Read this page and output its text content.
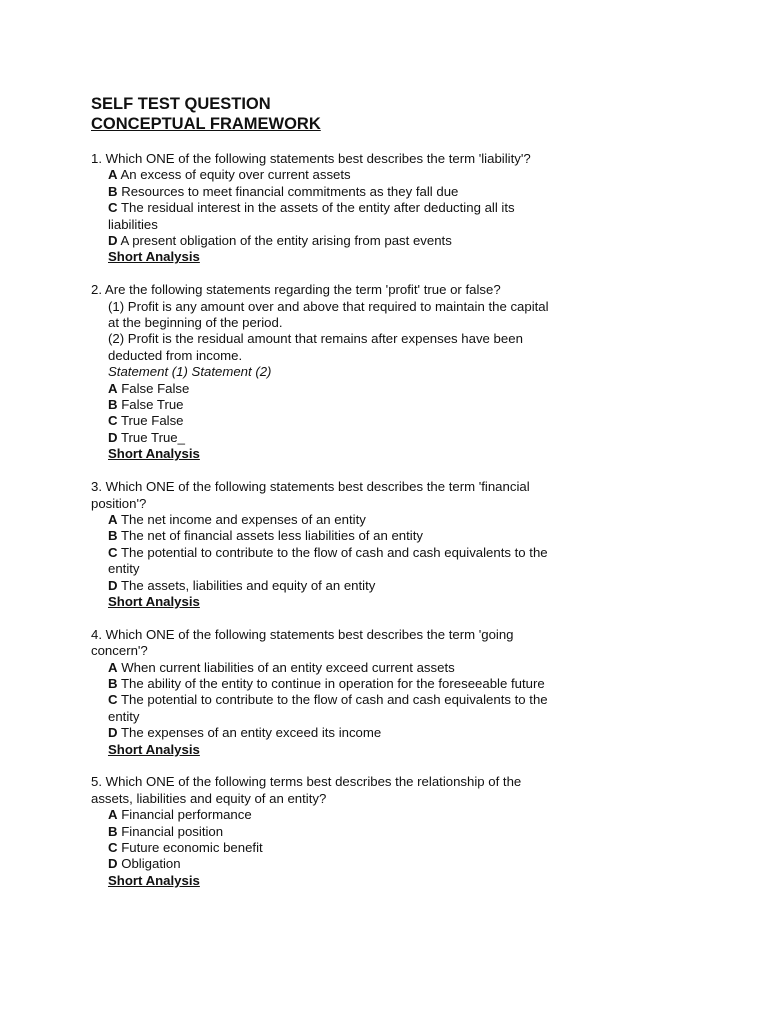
SELF TEST QUESTION
CONCEPTUAL FRAMEWORK
1. Which ONE of the following statements best describes the term 'liability'?
A An excess of equity over current assets
B Resources to meet financial commitments as they fall due
C The residual interest in the assets of the entity after deducting all its liabilities
D A present obligation of the entity arising from past events
Short Analysis
2. Are the following statements regarding the term 'profit' true or false?
(1) Profit is any amount over and above that required to maintain the capital at the beginning of the period.
(2) Profit is the residual amount that remains after expenses have been deducted from income.
Statement (1) Statement (2)
A False False
B False True
C True False
D True True_
Short Analysis
3. Which ONE of the following statements best describes the term 'financial position'?
A The net income and expenses of an entity
B The net of financial assets less liabilities of an entity
C The potential to contribute to the flow of cash and cash equivalents to the entity
D The assets, liabilities and equity of an entity
Short Analysis
4. Which ONE of the following statements best describes the term 'going concern'?
A When current liabilities of an entity exceed current assets
B The ability of the entity to continue in operation for the foreseeable future
C The potential to contribute to the flow of cash and cash equivalents to the entity
D The expenses of an entity exceed its income
Short Analysis
5. Which ONE of the following terms best describes the relationship of the assets, liabilities and equity of an entity?
A Financial performance
B Financial position
C Future economic benefit
D Obligation
Short Analysis
